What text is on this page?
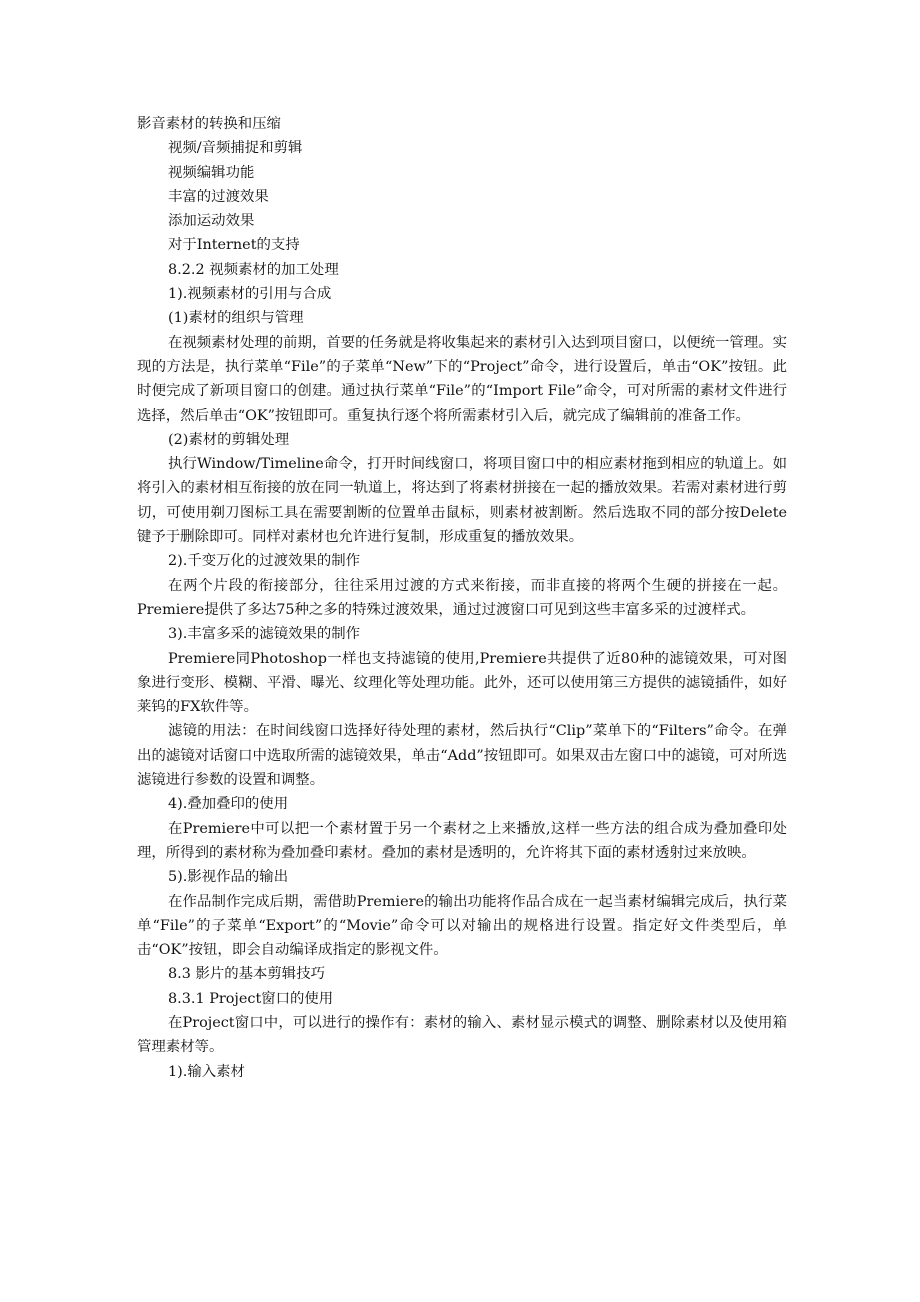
影音素材的转换和压缩
视频/音频捕捉和剪辑
视频编辑功能
丰富的过渡效果
添加运动效果
对于Internet的支持
8.2.2 视频素材的加工处理
1).视频素材的引用与合成
(1)素材的组织与管理
在视频素材处理的前期，首要的任务就是将收集起来的素材引入达到项目窗口，以便统一管理。实现的方法是，执行菜单“File”的子菜单“New”下的“Project”命令，进行设置后，单击“OK”按钮。此时便完成了新项目窗口的创建。通过执行菜单“File”的“Import File”命令，可对所需的素材文件进行选择，然后单击“OK”按钮即可。重复执行逐个将所需素材引入后，就完成了编辑前的准备工作。
(2)素材的剪辑处理
执行Window/Timeline命令，打开时间线窗口，将项目窗口中的相应素材拖到相应的轨道上。如将引入的素材相互衔接的放在同一轨道上，将达到了将素材拼接在一起的播放效果。若需对素材进行剪切，可使用剃刀图标工具在需要割断的位置单击鼠标，则素材被割断。然后选取不同的部分按Delete键予于删除即可。同样对素材也允许进行复制，形成重复的播放效果。
2).千变万化的过渡效果的制作
在两个片段的衔接部分，往往采用过渡的方式来衔接，而非直接的将两个生硬的拼接在一起。Premiere提供了多达75种之多的特殊过渡效果，通过过渡窗口可见到这些丰富多采的过渡样式。
3).丰富多采的滤镜效果的制作
Premiere同Photoshop一样也支持滤镜的使用,Premiere共提供了近80种的滤镜效果，可对图象进行变形、模糊、平滑、曝光、纹理化等处理功能。此外，还可以使用第三方提供的滤镜插件，如好莱钨的FX软件等。
滤镜的用法：在时间线窗口选择好待处理的素材，然后执行“Clip”菜单下的“Filters”命令。在弹出的滤镜对话窗口中选取所需的滤镜效果，单击“Add”按钮即可。如果双击左窗口中的滤镜，可对所选滤镜进行参数的设置和调整。
4).叠加叠印的使用
在Premiere中可以把一个素材置于另一个素材之上来播放,这样一些方法的组合成为叠加叠印处理，所得到的素材称为叠加叠印素材。叠加的素材是透明的，允许将其下面的素材透射过来放映。
5).影视作品的输出
在作品制作完成后期，需借助Premiere的输出功能将作品合成在一起当素材编辑完成后，执行菜单“File”的子菜单“Export”的“Movie”命令可以对输出的规格进行设置。指定好文件类型后，单击“OK”按钮，即会自动编译成指定的影视文件。
8.3 影片的基本剪辑技巧
8.3.1 Project窗口的使用
在Project窗口中，可以进行的操作有：素材的输入、素材显示模式的调整、删除素材以及使用箱管理素材等。
1).输入素材
